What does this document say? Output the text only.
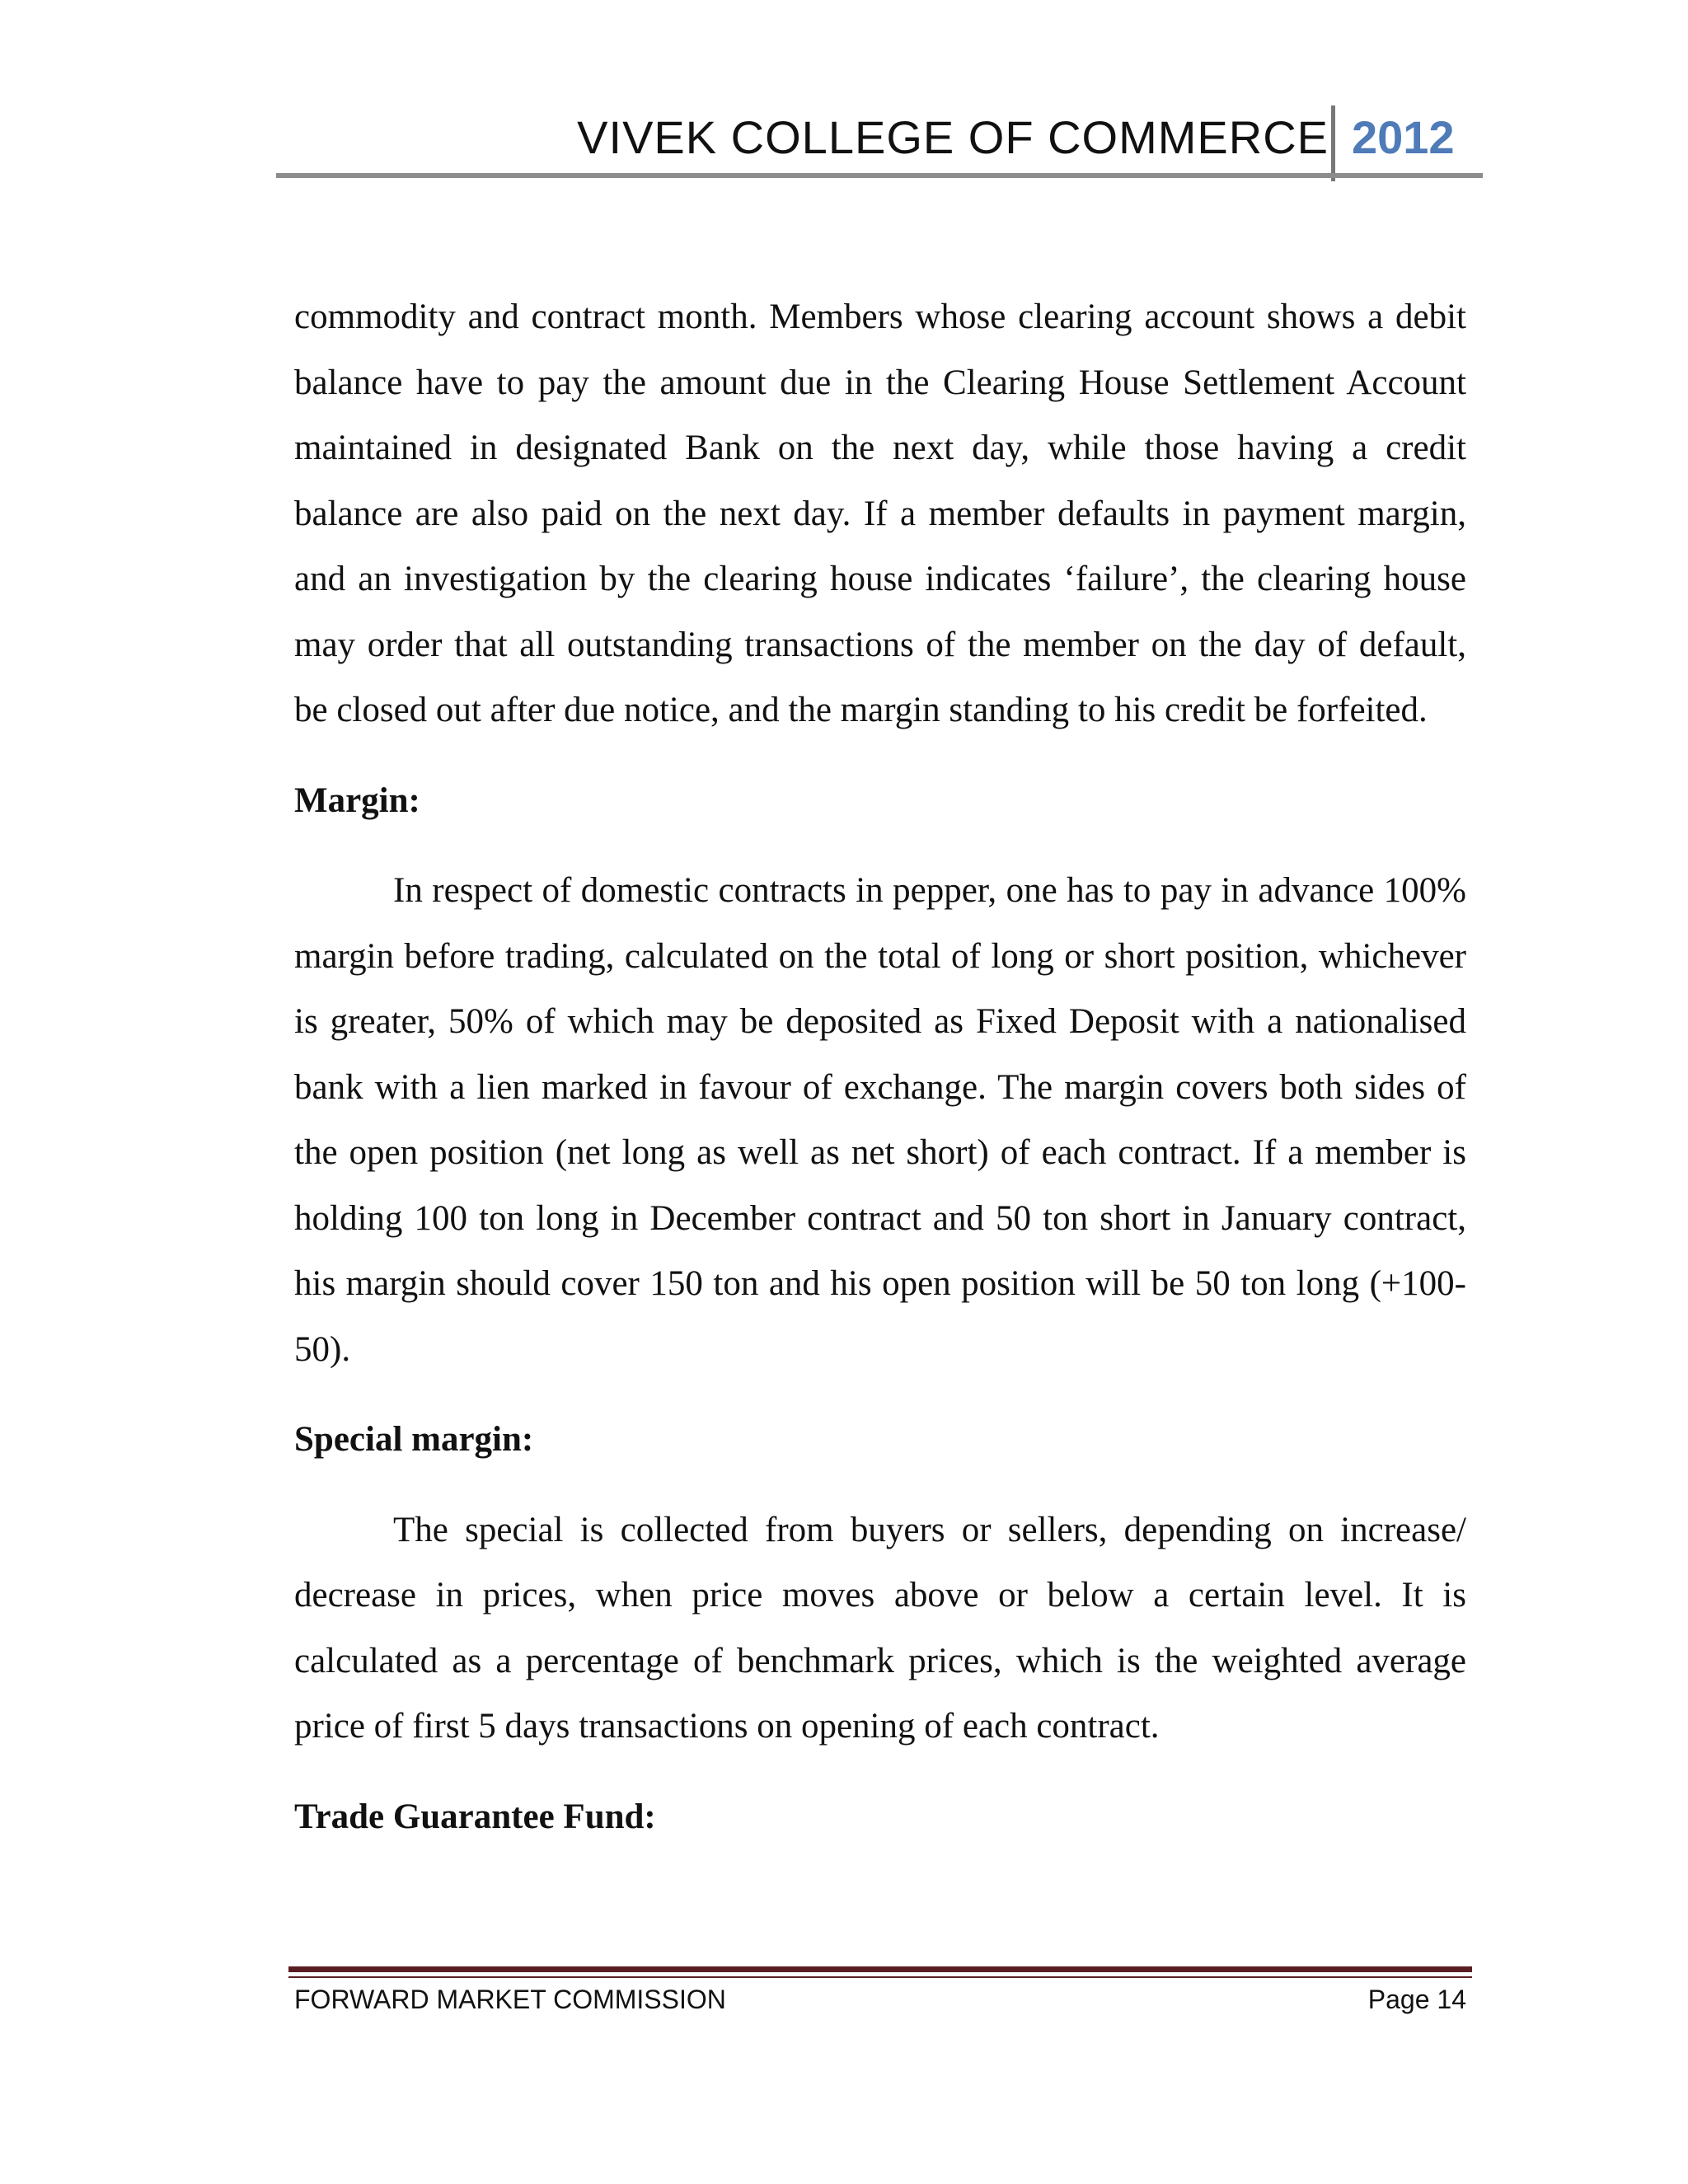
VIVEK COLLEGE OF COMMERCE 2012

commodity and contract month. Members whose clearing account shows a debit balance have to pay the amount due in the Clearing House Settlement Account maintained in designated Bank on the next day, while those having a credit balance are also paid on the next day. If a member defaults in payment margin, and an investigation by the clearing house indicates ‘failure’, the clearing house may order that all outstanding transactions of the member on the day of default, be closed out after due notice, and the margin standing to his credit be forfeited.

Margin:

In respect of domestic contracts in pepper, one has to pay in advance 100% margin before trading, calculated on the total of long or short position, whichever is greater, 50% of which may be deposited as Fixed Deposit with a nationalised bank with a lien marked in favour of exchange. The margin covers both sides of the open position (net long as well as net short) of each contract. If a member is holding 100 ton long in December contract and 50 ton short in January contract, his margin should cover 150 ton and his open position will be 50 ton long (+100-50).

Special margin:

The special is collected from buyers or sellers, depending on increase/ decrease in prices, when price moves above or below a certain level. It is calculated as a percentage of benchmark prices, which is the weighted average price of first 5 days transactions on opening of each contract.

Trade Guarantee Fund:

FORWARD MARKET COMMISSION	Page 14
